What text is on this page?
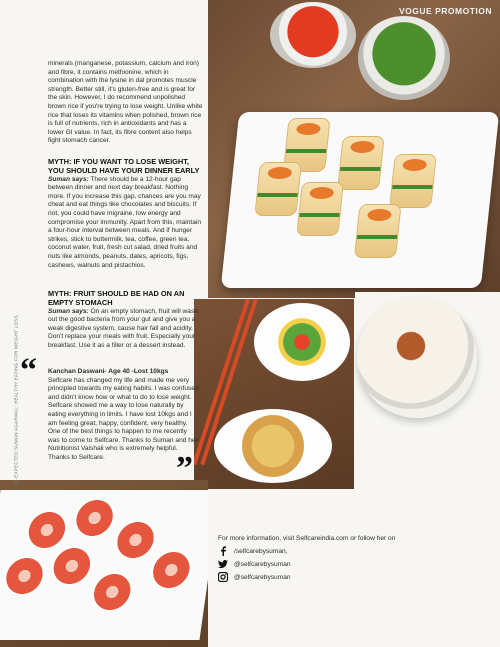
VOGUE PROMOTION
UN-EXPECTED SUMAN AGARWAL: HEALTHY EATING FOR WEIGHT LOSS
minerals (manganese, potassium, calcium and iron) and fibre, it contains methionine, which in combination with the lysine in dal promotes muscle strength. Better still, it's gluten-free and is great for the skin. However, I do recommend unpolished brown rice if you're trying to lose weight. Unlike white rice that loses its vitamins when polished, brown rice is full of nutrients, rich in antioxidants and has a lower GI value. In fact, its fibre content also helps fight stomach cancer.
MYTH: IF YOU WANT TO LOSE WEIGHT, YOU SHOULD HAVE YOUR DINNER EARLY
Suman says: There should be a 12-hour gap between dinner and next day breakfast. Nothing more. If you increase this gap, chances are you may cheat and eat things like chocolates and biscuits. If not, you could have migraine, low energy and compromise your immunity. Apart from this, maintain a four-hour interval between meals. And if hunger strikes, stick to buttermilk, tea, coffee, green tea, coconut water, fruit, fresh cut salad, dried fruits and nuts like almonds, peanuts, dates, apricots, figs, cashews, walnuts and pistachios.
MYTH: FRUIT SHOULD BE HAD ON AN EMPTY STOMACH
Suman says: On an empty stomach, fruit will wash out the good bacteria from your gut and give you a weak digestive system, cause hair fall and acidity. Don't replace your meals with fruit. Especially your breakfast. Use it as a filler or a dessert instead.
“ Kanchan Daswani- Age 40 -Lost 10kgs
Selfcare has changed my life and made me very principled towards my eating habits. I was confused and didn't know how or what to do to lose weight. Selfcare showed me a way to lose naturally by eating everything in limits. I have lost 10kgs and I am feeling great, happy, confident, very healthy. One of the best things to happen to me recently was to come to Selfcare. Thanks to Suman and her Nutritionist Vaishali who is extremely helpful. Thanks to Selfcare.	”
For more information, visit Selfcareindia.com or follow her on
/selfcarebysuman,
@selfcarebysuman
@selfcarebysuman
